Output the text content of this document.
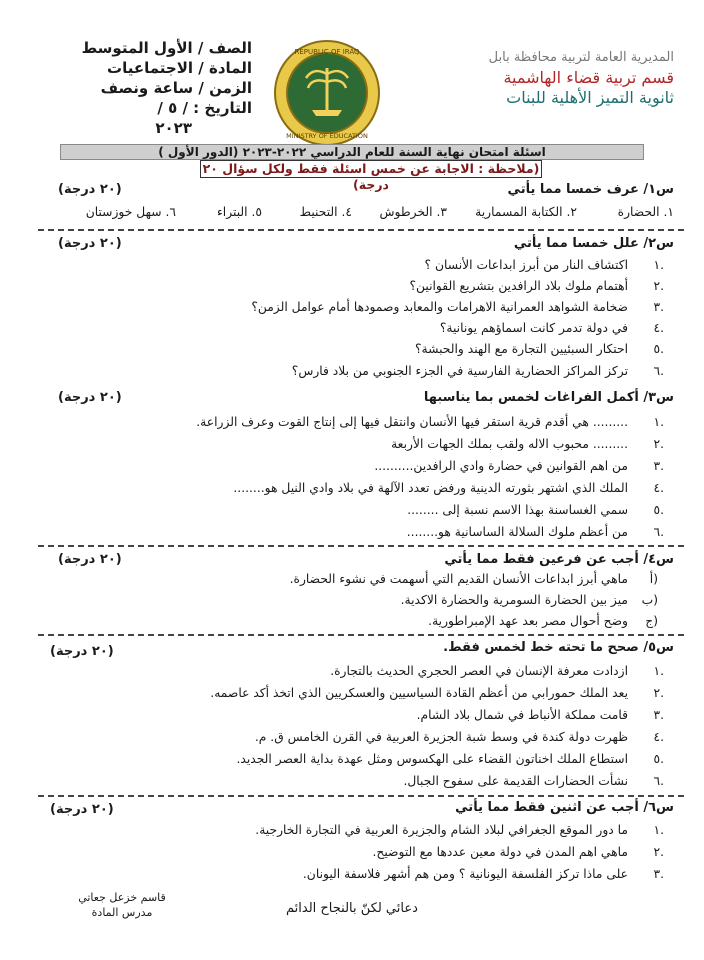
الصف / الأول المتوسط
المادة / الاجتماعيات
الزمن / ساعة ونصف
التاريخ : / ٥ /
٢٠٢٣
REPUBLIC OF IRAQ
MINISTRY OF EDUCATION
المديرية العامة لتربية محافظة بابل
قسم تربية قضاء الهاشمية
ثانوية التميز الأهلية للبنات
اسئلة امتحان نهاية السنة للعام الدراسي ٢٠٢٢-٢٠٢٣ (الدور الأول )
(ملاحظة : الاجابة عن خمس اسئلة فقط ولكل سؤال ٢٠ درجة)	س١/ عرف خمسا مما يأتي
(٢٠ درجة)
١. الحضارة
٢. الكتابة المسمارية
٣. الخرطوش
٤. التحنيط
٥. البتراء
٦. سهل خوزستان
س٢/ علل خمسا مما يأتي
(٢٠ درجة)
١.
اكتشاف النار من أبرز ابداعات الأنسان ؟
٢.
أهتمام ملوك بلاد الرافدين بتشريع القوانين؟
٣.
ضخامة الشواهد العمرانية الاهرامات والمعابد وصمودها أمام عوامل الزمن؟
٤.
في دولة تدمر كانت اسماؤهم يونانية؟
٥.
احتكار السبئيين التجارة مع الهند والحبشة؟
٦.
تركز المراكز الحضارية الفارسية في الجزء الجنوبي من بلاد فارس؟
س٣/ أكمل الفراغات لخمس بما يناسبها
(٢٠ درجة)
١.
......... هي أقدم قرية استقر فيها الأنسان وانتقل فيها إلى إنتاج القوت وعرف الزراعة.
٢.
......... محبوب الاله ولقب بملك الجهات الأربعة
٣.
من اهم القوانين في حضارة وادي الرافدين..........
٤.
الملك الذي اشتهر بثورته الدينية ورفض تعدد الآلهة في بلاد وادي النيل هو........
٥.
سمي الغساسنة بهذا الاسم نسبة إلى ........
٦.
من أعظم ملوك السلالة الساسانية هو........
س٤/ أجب عن فرعين فقط مما يأتي
(٢٠ درجة)
أ)
ماهي أبرز ابداعات الأنسان القديم التي أسهمت في نشوء الحضارة.
ب)
ميز بين الحضارة السومرية والحضارة الاكدية.
ج)
وضح أحوال مصر بعد عهد الإمبراطورية.
س٥/ صحح ما تحته خط لخمس فقط.
(٢٠ درجة)
١.
ازدادت معرفة الإنسان في العصر الحجري الحديث بالتجارة.
٢.
يعد الملك حمورابي من أعظم القادة السياسيين والعسكريين الذي اتخذ أكد عاصمه.
٣.
قامت مملكة الأنباط في شمال بلاد الشام.
٤.
ظهرت دولة كندة في وسط شبة الجزيرة العربية في القرن الخامس ق. م.
٥.
استطاع الملك اخناتون القضاء على الهكسوس ومثل عهدة بداية العصر الجديد.
٦.
نشأت الحضارات القديمة على سفوح الجبال.
س٦/ أجب عن اثنين فقط مما يأتي
(٢٠ درجة)
١.
ما دور الموقع الجغرافي لبلاد الشام والجزيرة العربية في التجارة الخارجية.
٢.
ماهي اهم المدن في دولة معين عددها مع التوضيح.
٣.
على ماذا تركز الفلسفة اليونانية ؟ ومن هم أشهر فلاسفة اليونان.
دعائي لكنّ بالنجاح الدائم
قاسم خزعل جعاتي
مدرس المادة
